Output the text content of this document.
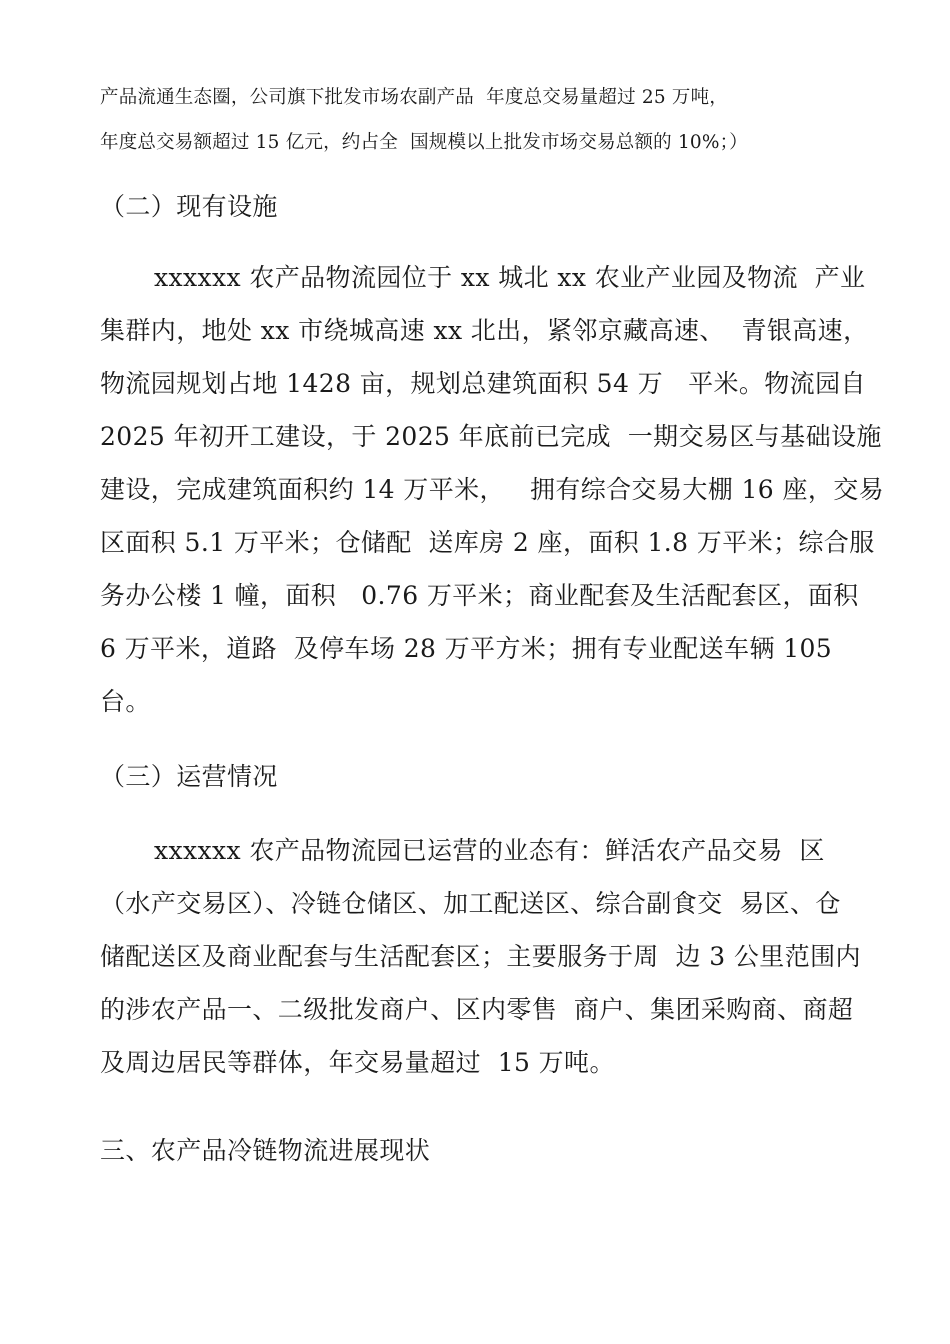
产品流通生态圈，公司旗下批发市场农副产品  年度总交易量超过 25 万吨，
年度总交易额超过 15 亿元，约占全  国规模以上批发市场交易总额的 10%；）
（二）现有设施
xxxxxx 农产品物流园位于 xx 城北 xx 农业产业园及物流  产业
集群内，地处 xx 市绕城高速 xx 北出，紧邻京藏高速、  青银高速，
物流园规划占地 1428 亩，规划总建筑面积 54 万   平米。物流园自
2025 年初开工建设，于 2025 年底前已完成  一期交易区与基础设施
建设，完成建筑面积约 14 万平米，   拥有综合交易大棚 16 座，交易
区面积 5.1 万平米；仓储配  送库房 2 座，面积 1.8 万平米；综合服
务办公楼 1 幢，面积   0.76 万平米；商业配套及生活配套区，面积
6 万平米，道路  及停车场 28 万平方米；拥有专业配送车辆 105
台。
（三）运营情况
xxxxxx 农产品物流园已运营的业态有：鲜活农产品交易  区
（水产交易区）、冷链仓储区、加工配送区、综合副食交  易区、仓
储配送区及商业配套与生活配套区；主要服务于周  边 3 公里范围内
的涉农产品一、二级批发商户、区内零售  商户、集团采购商、商超
及周边居民等群体，年交易量超过  15 万吨。
三、农产品冷链物流进展现状
